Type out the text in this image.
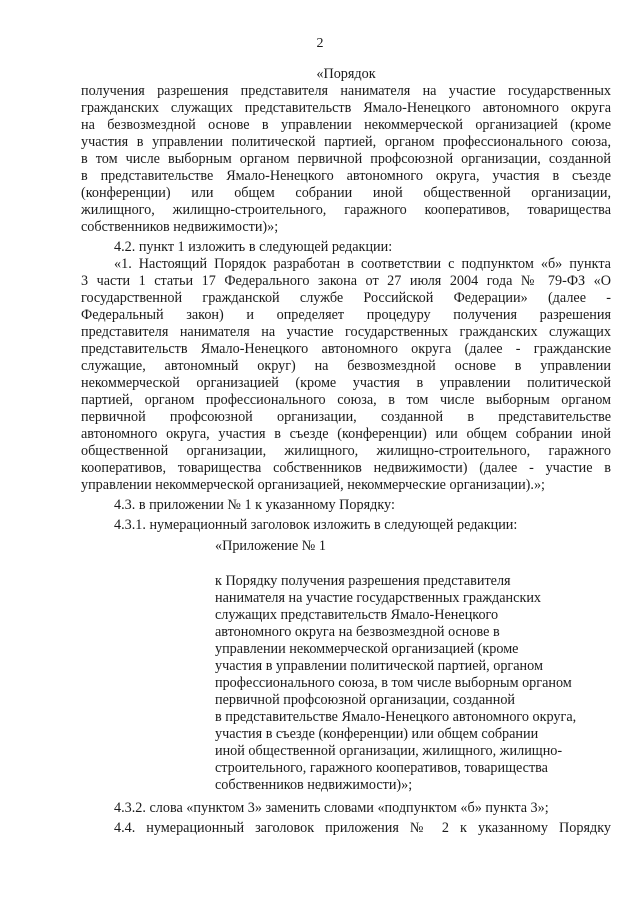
2
«Порядок
получения разрешения представителя нанимателя на участие государственных
гражданских служащих представительств Ямало-Ненецкого автономного округа
на безвозмездной основе в управлении некоммерческой организацией (кроме
участия в управлении политической партией, органом профессионального союза,
в том числе выборным органом первичной профсоюзной организации, созданной
в представительстве Ямало-Ненецкого автономного округа, участия в съезде
(конференции) или общем собрании иной общественной организации,
жилищного, жилищно-строительного, гаражного кооперативов, товарищества
собственников недвижимости)»;
4.2. пункт 1 изложить в следующей редакции:
«1. Настоящий Порядок разработан в соответствии с подпунктом «б» пункта
3 части 1 статьи 17 Федерального закона от 27 июля 2004 года № 79-ФЗ «О
государственной гражданской службе Российской Федерации» (далее -
Федеральный закон) и определяет процедуру получения разрешения
представителя нанимателя на участие государственных гражданских служащих
представительств Ямало-Ненецкого автономного округа (далее - гражданские
служащие, автономный округ) на безвозмездной основе в управлении
некоммерческой организацией (кроме участия в управлении политической
партией, органом профессионального союза, в том числе выборным органом
первичной профсоюзной организации, созданной в представительстве
автономного округа, участия в съезде (конференции) или общем собрании иной
общественной организации, жилищного, жилищно-строительного, гаражного
кооперативов, товарищества собственников недвижимости) (далее - участие в
управлении некоммерческой организацией, некоммерческие организации).»;
4.3. в приложении № 1 к указанному Порядку:
4.3.1. нумерационный заголовок изложить в следующей редакции:
«Приложение № 1
к Порядку получения разрешения представителя
нанимателя на участие государственных гражданских
служащих представительств Ямало-Ненецкого
автономного округа на безвозмездной основе в
управлении некоммерческой организацией (кроме
участия в управлении политической партией, органом
профессионального союза, в том числе выборным органом
первичной профсоюзной организации, созданной
в представительстве Ямало-Ненецкого автономного округа,
участия в съезде (конференции) или общем собрании
иной общественной организации, жилищного, жилищно-
строительного, гаражного кооперативов, товарищества
собственников недвижимости)»;
4.3.2. слова «пунктом 3» заменить словами «подпунктом «б» пункта 3»;
4.4. нумерационный заголовок приложения № 2 к указанному Порядку
